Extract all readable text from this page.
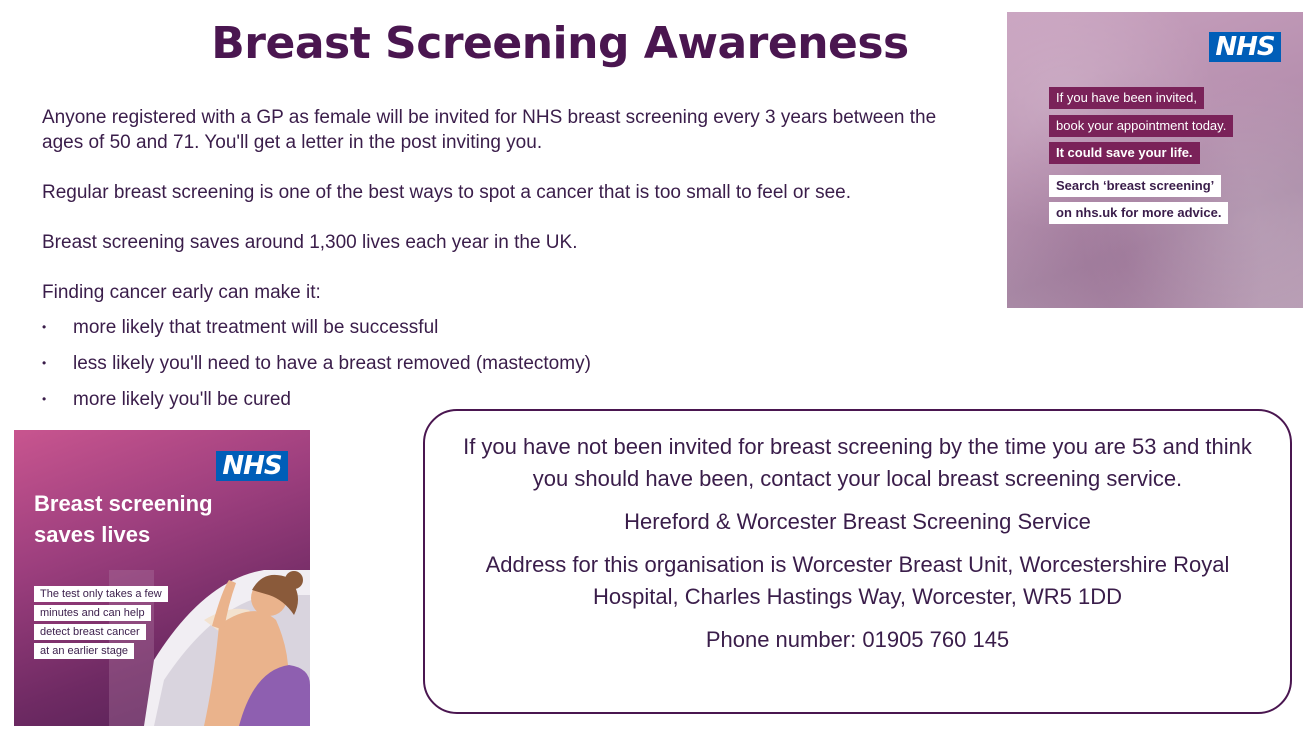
Breast Screening Awareness

Anyone registered with a GP as female will be invited for NHS breast screening every 3 years between the ages of 50 and 71. You'll get a letter in the post inviting you.

Regular breast screening is one of the best ways to spot a cancer that is too small to feel or see.

Breast screening saves around 1,300 lives each year in the UK.

Finding cancer early can make it:

• more likely that treatment will be successful
• less likely you'll need to have a breast removed (mastectomy)
• more likely you'll be cured
NHS
If you have been invited,
book your appointment today.
It could save your life.
Search ‘breast screening’
on nhs.uk for more advice.
NHS
Breast screening
saves lives
The test only takes a few
minutes and can help
detect breast cancer
at an earlier stage

If you have not been invited for breast screening by the time you are 53 and think you should have been, contact your local breast screening service.

Hereford & Worcester Breast Screening Service

Address for this organisation is Worcester Breast Unit, Worcestershire Royal Hospital, Charles Hastings Way, Worcester, WR5 1DD

Phone number: 01905 760 145
